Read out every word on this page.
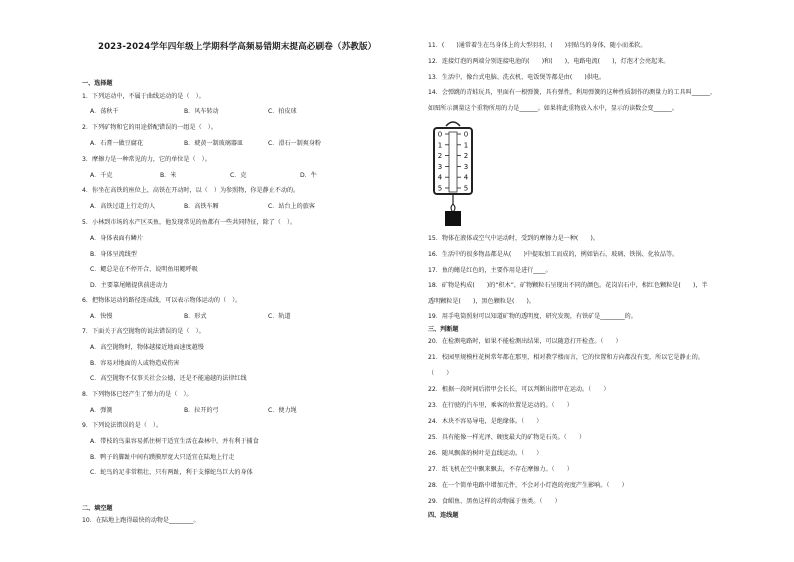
2023-2024学年四年级上学期科学高频易错期末提高必刷卷（苏教版）
一、选择题
1．下列运动中，不属于曲线运动的是（　）。
A．荡秋千	B．风车转动	C．拍皮球
2．下列矿物和它的用途搭配错误的一组是（　）。
A．石膏一做豆腐花	B．琥黄一制玻璃器皿	C．滑石一制爽身粉
3．摩擦力是一种常见的力，它的单位是（　）。
A．千克	B．米	C．克	D．牛
4．你坐在高铁的座位上，高铁在开动时，以（　）为参照物，你是静止不动的。
A．高铁过道上行走的人	B．高铁车厢	C．站台上的旅客
5．小林到市场的水产区买鱼，他发现常见的鱼都有一些共同特征，除了（　）。
A．身体表面有鳞片
B．身体呈流线型
C．鳃总是在不停开合，说明鱼用鳃呼吸
D．主要靠尾鳍提供前进动力
6．把物体运动的路径连成线，可以表示物体运动的（　）。
A．快慢	B．形式	C．轨道
7．下面关于高空抛物的说法错误的是（　）。
A．高空抛物时，物体越接近地面速度越慢
B．容易对地面的人或物造成伤害
C．高空抛物不仅事关社会公德，还是不能逾越的法律红线
8．下列物体已经产生了弹力的是（　）。
A．弹簧	B．拉开的弓	C．便力绳
9．下列说法错误的是（　）。
A．带枝的鸟巢容易抓住树干适宜生活在森林中，并有利于捕食
B．鸭子的脚趾中间有蹼膜厚宽大只适宜在陆地上行走
C．蛇鸟的足非常粗壮，只有两趾，利于支撑蛇鸟巨大的身体
二、填空题
10．在陆地上跑得最快的动物是________。
11．(　　)通常着生在鸟身体上的大型羽羽，(　　)羽贴鸟的身体，随小而柔软。
12．连接灯泡的两端分别连接电池的(　　)和(　　)，电路电流(　　)，灯泡才会亮起来。
13．生活中，像台式电脑、洗衣机、电饭煲等都是由(　　)供电。
14．会弹跳的青蛙玩具，里面有一根弹簧，具有弹性，利用弹簧的这种性质制作的测量力的工具叫______，
如图所示测量这个重物所用的力是______。如果将此重物放入水中，显示的读数会变______。
0	0
1	1
2	2
3	3
4	4
5	5
15．物体在液体或空气中运动时，受到的摩擦力是一种(　　)。
16．生活中的很多物品都是从(　　)中提取加工而成的，例如钻石、玻璃、铁锅、化妆品等。
17．鱼的鳍是红色的，主要作用是进行____。
18．矿物是构成(　　)的“积木”，矿物颗粒石呈现出不同的颜色。花岗岩石中，相红色颗粒是(　　)，半
透明颗粒是(　　)，黑色颗粒是(　　)。
19．用手电筒照射可以知道矿物的透明度，研究发现，有铁矿是________的。
三、判断题
20．在检测电路时，如果不能检测出结果，可以随意打开检查。（　　）
21．校园里规模柱花树常年都在那里，相对教学楼而言，它的位置和方向都没有变，所以它是静止的。
（　　）
22．根据一段时间后指甲会长长，可以判断出指甲在运动。（　　）
23．在行驶的汽车里，乘客的位置是运动的。（　　）
24．木块不容易导电，是绝缘体。（　　）
25．具有能像一样光泽、硬度最大的矿物是石英。（　　）
26．随风飘落的树叶是直线运动。（　　）
27．纸飞机在空中飘来飘去，不存在摩擦力。（　　）
28．在一个简单电路中增加元件，不会对小灯泡的亮度产生影响。（　　）
29．食鲳鱼、黑鱼这样的动物属于鱼类。（　　）
四、连线题
